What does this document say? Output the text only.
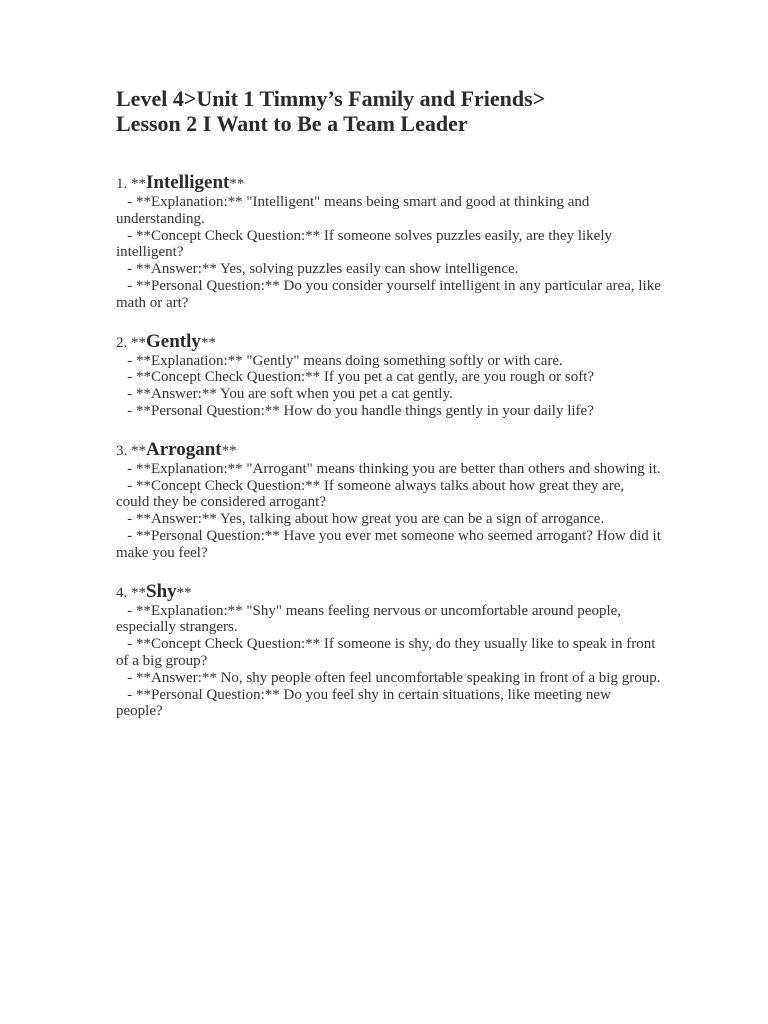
Level 4>Unit 1 Timmy’s Family and Friends>
Lesson 2 I Want to Be a Team Leader

1. **Intelligent**

- **Explanation:** "Intelligent" means being smart and good at thinking and understanding.

- **Concept Check Question:** If someone solves puzzles easily, are they likely intelligent?

- **Answer:** Yes, solving puzzles easily can show intelligence.

- **Personal Question:** Do you consider yourself intelligent in any particular area, like math or art?

2. **Gently**

- **Explanation:** "Gently" means doing something softly or with care.

- **Concept Check Question:** If you pet a cat gently, are you rough or soft?

- **Answer:** You are soft when you pet a cat gently.

- **Personal Question:** How do you handle things gently in your daily life?

3. **Arrogant**

- **Explanation:** "Arrogant" means thinking you are better than others and showing it.

- **Concept Check Question:** If someone always talks about how great they are, could they be considered arrogant?

- **Answer:** Yes, talking about how great you are can be a sign of arrogance.

- **Personal Question:** Have you ever met someone who seemed arrogant? How did it make you feel?

4. **Shy**

- **Explanation:** "Shy" means feeling nervous or uncomfortable around people, especially strangers.

- **Concept Check Question:** If someone is shy, do they usually like to speak in front of a big group?

- **Answer:** No, shy people often feel uncomfortable speaking in front of a big group.

- **Personal Question:** Do you feel shy in certain situations, like meeting new people?
